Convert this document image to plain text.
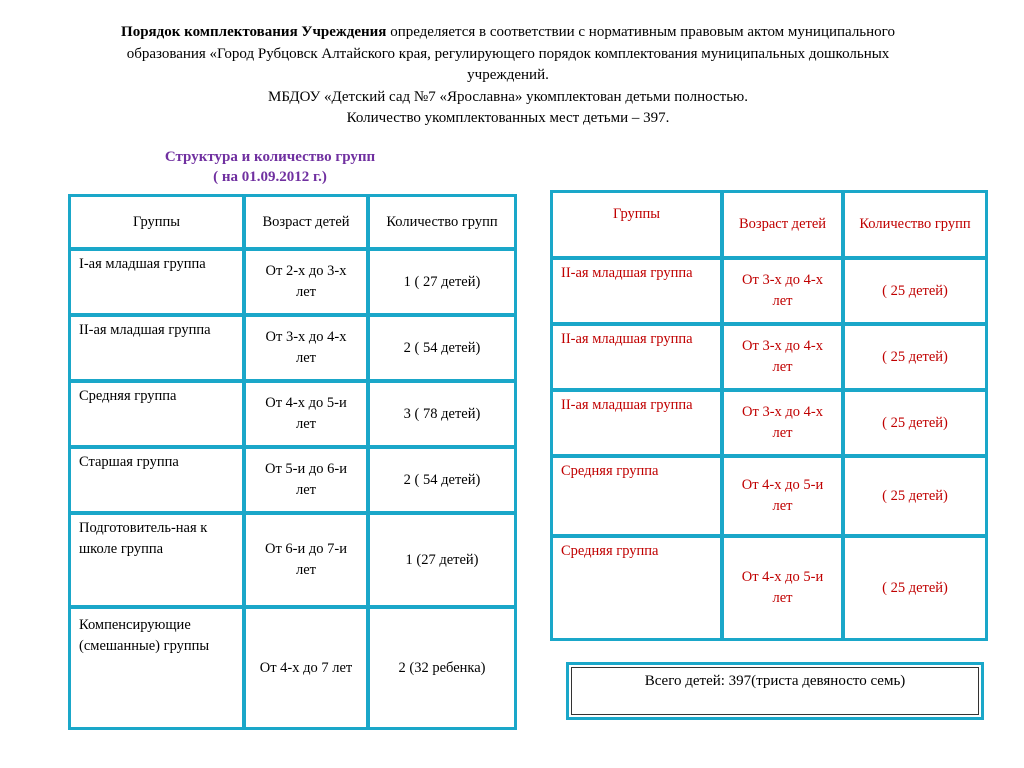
Порядок комплектования Учреждения определяется в соответствии с нормативным правовым актом муниципального
образования «Город Рубцовск Алтайского края, регулирующего порядок комплектования муниципальных дошкольных
учреждений.
МБДОУ «Детский сад №7 «Ярославна» укомплектован детьми полностью.
Количество укомплектованных мест детьми – 397.
Структура и количество групп
( на 01.09.2012 г.)
Группы	Возраст детей	Количество групп
I-ая младшая группа	От 2-х до 3-х лет	1 ( 27 детей)
II-ая младшая группа	От 3-х до 4-х лет	2 ( 54 детей)
Средняя группа	От 4-х до 5-и лет	3 ( 78 детей)
Старшая группа	От 5-и до 6-и лет	2 ( 54 детей)
Подготовитель-ная к школе группа	От 6-и до 7-и лет	1 (27 детей)
Компенсирующие (смешанные) группы	От 4-х до 7 лет	2 (32 ребенка)
Группы	Возраст детей	Количество групп
II-ая младшая группа	От 3-х до 4-х лет	( 25 детей)
II-ая младшая группа	От 3-х до 4-х лет	( 25 детей)
II-ая младшая группа	От 3-х до 4-х лет	( 25 детей)
Средняя группа	От 4-х до 5-и лет	( 25 детей)
Средняя группа	От 4-х до 5-и лет	( 25 детей)
Всего детей: 397(триста девяносто семь)
